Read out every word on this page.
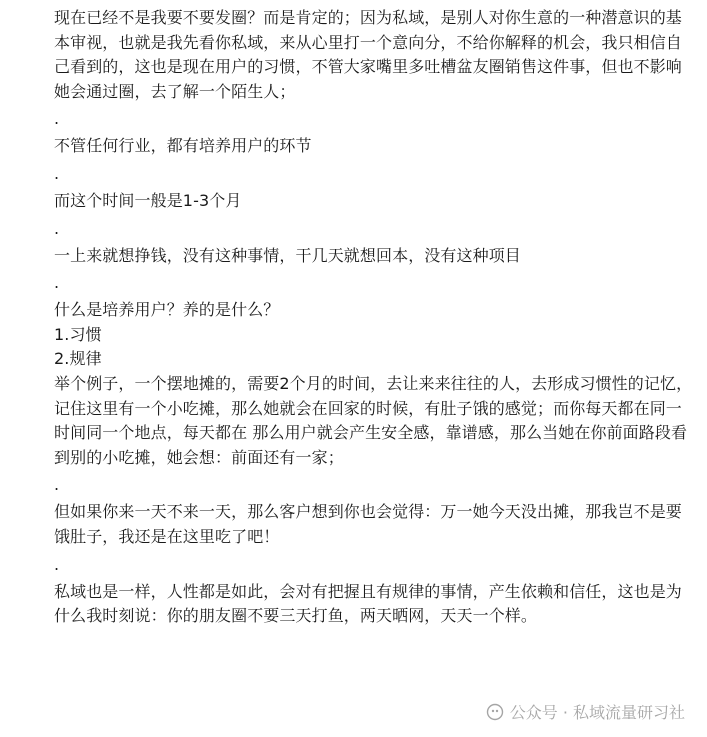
现在已经不是我要不要发圈？而是肯定的；因为私域，是别人对你生意的一种潜意识的基本审视，也就是我先看你私域，来从心里打一个意向分，不给你解释的机会，我只相信自己看到的，这也是现在用户的习惯，不管大家嘴里多吐槽盆友圈销售这件事，但也不影响她会通过圈，去了解一个陌生人；

.

不管任何行业，都有培养用户的环节

.

而这个时间一般是1-3个月

.

一上来就想挣钱，没有这种事情，干几天就想回本，没有这种项目

.

什么是培养用户？养的是什么？

1.习惯

2.规律

举个例子，一个摆地摊的，需要2个月的时间，去让来来往往的人，去形成习惯性的记忆，记住这里有一个小吃摊，那么她就会在回家的时候，有肚子饿的感觉；而你每天都在同一时间同一个地点，每天都在 那么用户就会产生安全感，靠谱感，那么当她在你前面路段看到别的小吃摊，她会想：前面还有一家；

.

但如果你来一天不来一天，那么客户想到你也会觉得：万一她今天没出摊，那我岂不是要饿肚子，我还是在这里吃了吧！

.

私域也是一样，人性都是如此，会对有把握且有规律的事情，产生依赖和信任，这也是为什么我时刻说：你的朋友圈不要三天打鱼，两天晒网，天天一个样。

公众号 · 私域流量研习社
